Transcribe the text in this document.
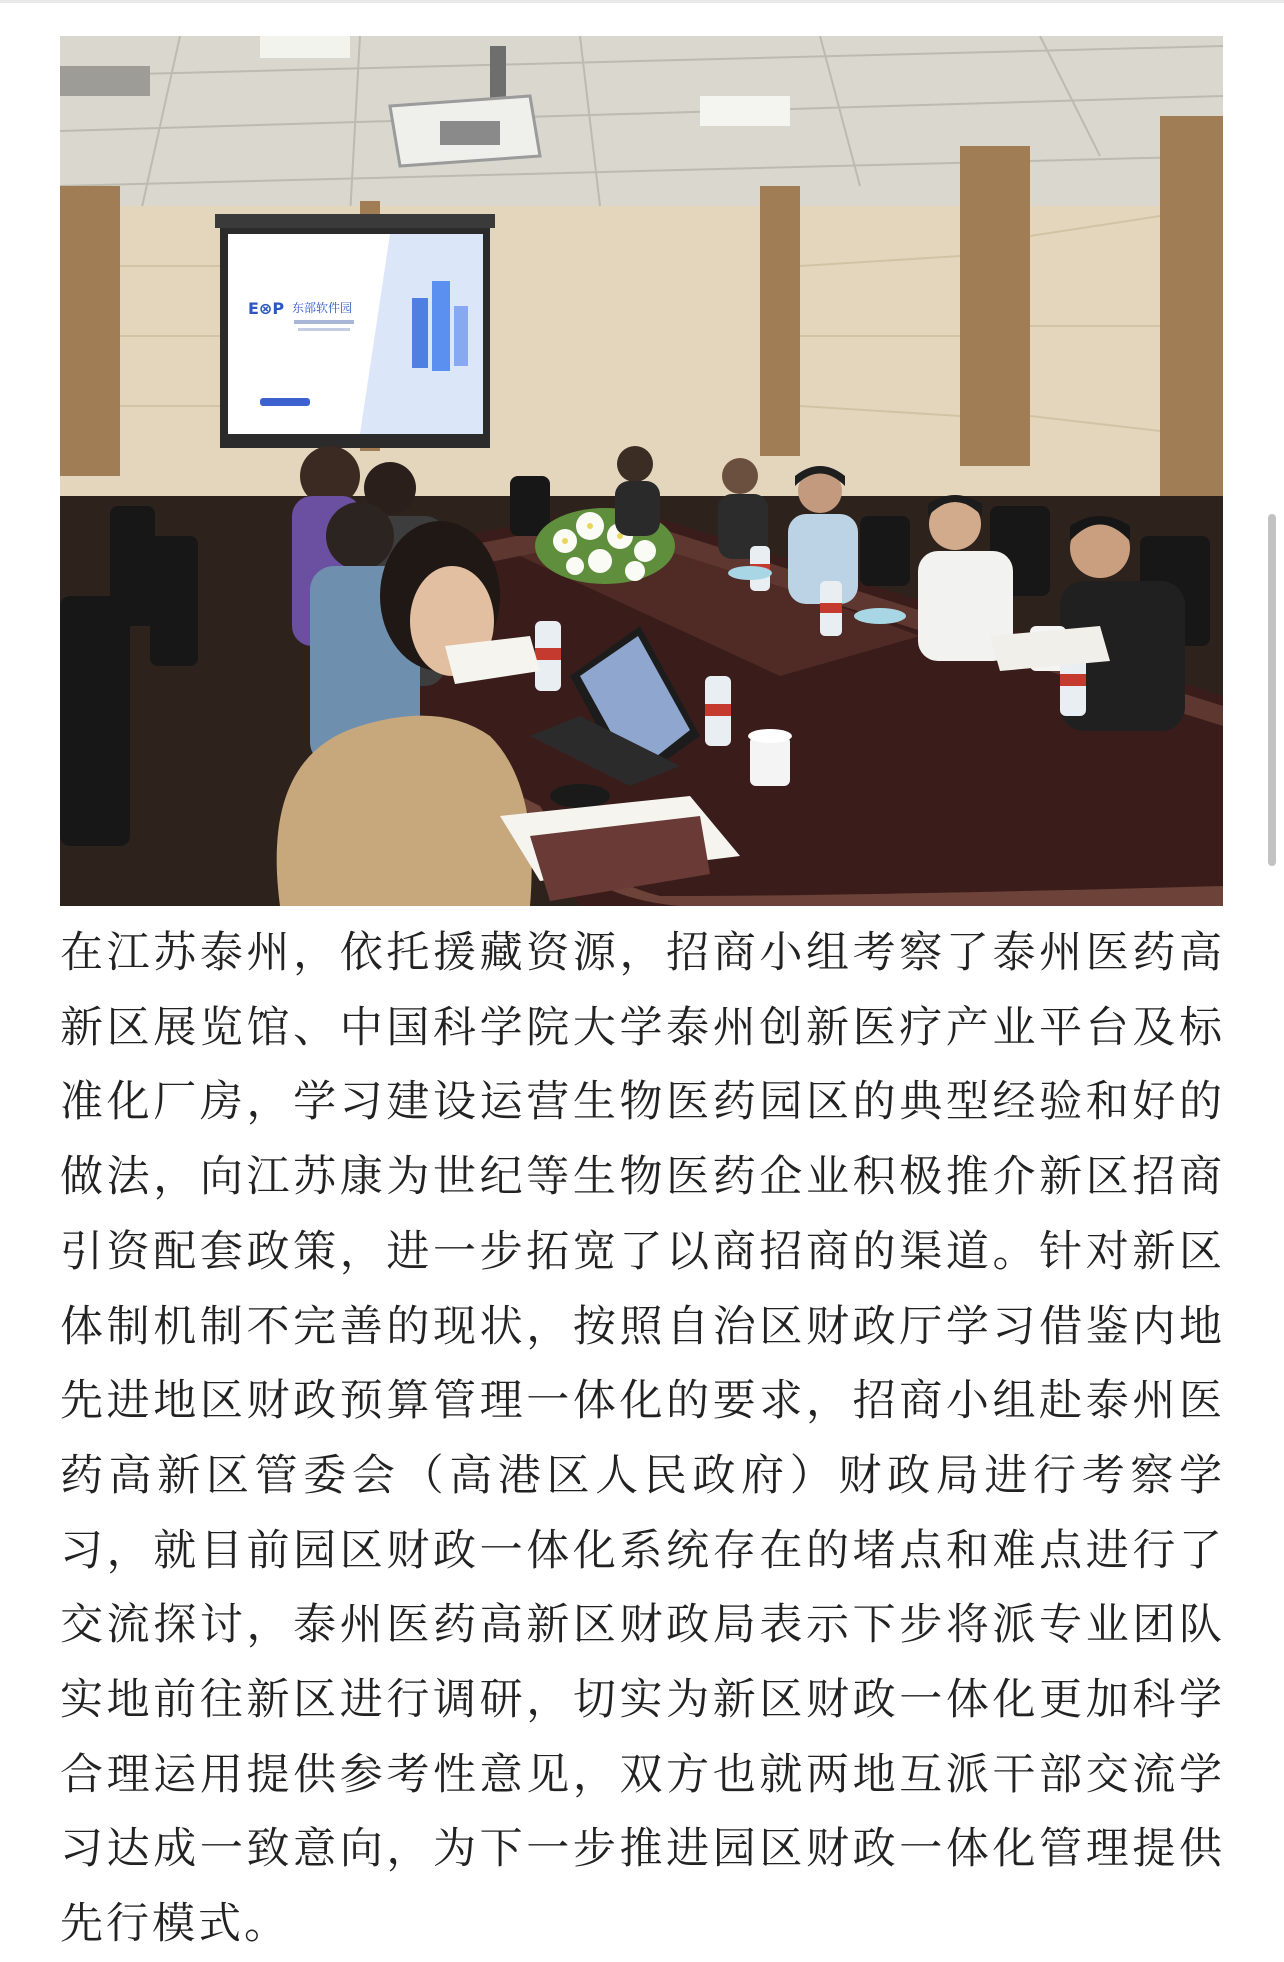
E⊗P 东部软件园

在江苏泰州，依托援藏资源，招商小组考察了泰州医药高新区展览馆、中国科学院大学泰州创新医疗产业平台及标准化厂房，学习建设运营生物医药园区的典型经验和好的做法，向江苏康为世纪等生物医药企业积极推介新区招商引资配套政策，进一步拓宽了以商招商的渠道。针对新区体制机制不完善的现状，按照自治区财政厅学习借鉴内地先进地区财政预算管理一体化的要求，招商小组赴泰州医药高新区管委会（高港区人民政府）财政局进行考察学习，就目前园区财政一体化系统存在的堵点和难点进行了交流探讨，泰州医药高新区财政局表示下步将派专业团队实地前往新区进行调研，切实为新区财政一体化更加科学合理运用提供参考性意见，双方也就两地互派干部交流学习达成一致意向，为下一步推进园区财政一体化管理提供先行模式。
